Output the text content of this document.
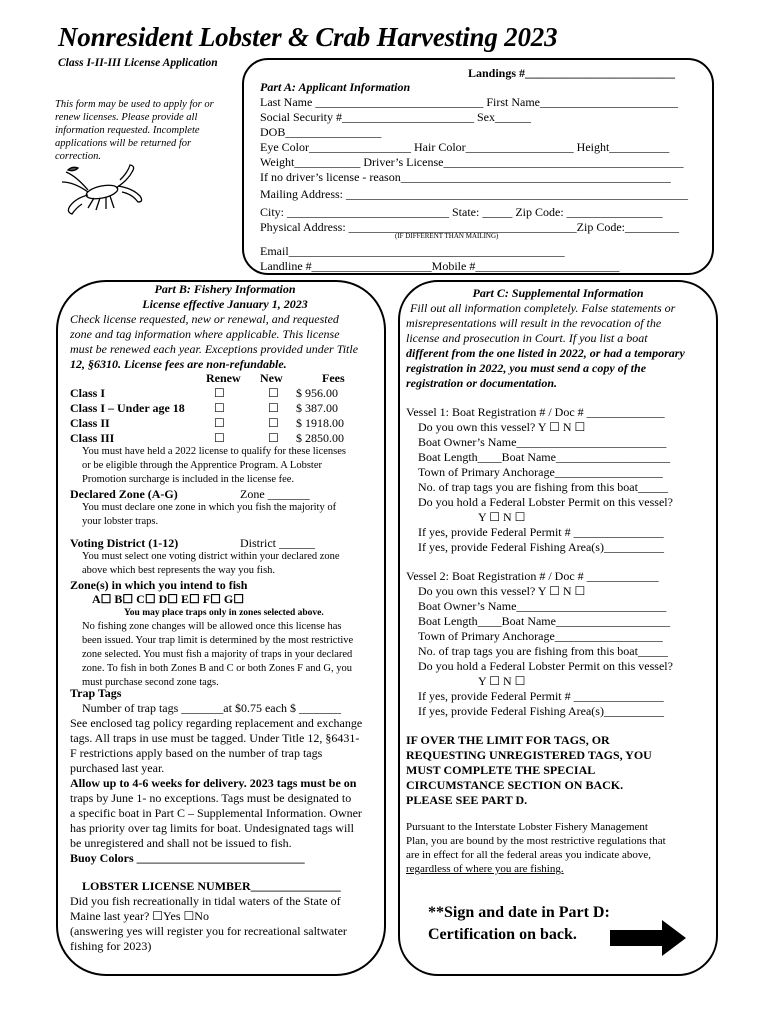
Nonresident Lobster & Crab Harvesting 2023
Class I-II-III License Application
This form may be used to apply for or renew licenses. Please provide all information requested. Incomplete applications will be returned for correction.
Landings #_________________________
Part A: Applicant Information
Last Name ____________________________ First Name_______________________
Social Security #______________________ Sex______
DOB________________
Eye Color_________________ Hair Color__________________ Height__________
Weight___________ Driver’s License________________________________________
If no driver’s license - reason_____________________________________________
Mailing Address: _________________________________________________________
City: ___________________________ State: _____ Zip Code: ________________
Physical Address: ______________________________________Zip Code:_________
(IF DIFFERENT THAN MAILING)
Email______________________________________________
Landline #____________________Mobile #________________________
Part B: Fishery Information
License effective January 1, 2023
Check license requested, new or renewal, and requested
zone and tag information where applicable. This license
must be renewed each year. Exceptions provided under Title
12, §6310. License fees are non-refundable.
Renew New	Fees
Class I	☐	☐ $ 956.00
Class I – Under age 18 ☐	☐ $ 387.00
Class II	☐	☐ $ 1918.00
Class III	☐	☐ $ 2850.00
You must have held a 2022 license to qualify for these licenses
or be eligible through the Apprentice Program. A Lobster
Promotion surcharge is included in the license fee.
Declared Zone (A-G)	Zone _______
You must declare one zone in which you fish the majority of
your lobster traps.
Voting District (1-12)	District ______
You must select one voting district within your declared zone
above which best represents the way you fish.
Zone(s) in which you intend to fish
A☐ B☐ C☐ D☐ E☐ F☐ G☐
You may place traps only in zones selected above.
No fishing zone changes will be allowed once this license has
been issued. Your trap limit is determined by the most restrictive
zone selected. You must fish a majority of traps in your declared
zone. To fish in both Zones B and C or both Zones F and G, you
must purchase second zone tags.
Trap Tags
Number of trap tags _______at $0.75 each $ _______
See enclosed tag policy regarding replacement and exchange
tags. All traps in use must be tagged. Under Title 12, §6431-
F restrictions apply based on the number of trap tags
purchased last year.
Allow up to 4-6 weeks for delivery. 2023 tags must be on
traps by June 1- no exceptions. Tags must be designated to
a specific boat in Part C – Supplemental Information. Owner
has priority over tag limits for boat. Undesignated tags will
be unregistered and shall not be issued to fish.
Buoy Colors ____________________________
LOBSTER LICENSE NUMBER_______________
Did you fish recreationally in tidal waters of the State of
Maine last year? ☐Yes ☐No
(answering yes will register you for recreational saltwater
fishing for 2023)
Part C: Supplemental Information
Fill out all information completely. False statements or
misrepresentations will result in the revocation of the
license and prosecution in Court. If you list a boat
different from the one listed in 2022, or had a temporary
registration in 2022, you must send a copy of the
registration or documentation.
Vessel 1: Boat Registration # / Doc # _____________
Do you own this vessel? Y ☐ N ☐
Boat Owner’s Name_________________________
Boat Length____Boat Name___________________
Town of Primary Anchorage__________________
No. of trap tags you are fishing from this boat_____
Do you hold a Federal Lobster Permit on this vessel?
Y ☐ N ☐
If yes, provide Federal Permit # _______________
If yes, provide Federal Fishing Area(s)__________
Vessel 2: Boat Registration # / Doc # ____________
Do you own this vessel? Y ☐ N ☐
Boat Owner’s Name_________________________
Boat Length____Boat Name___________________
Town of Primary Anchorage__________________
No. of trap tags you are fishing from this boat_____
Do you hold a Federal Lobster Permit on this vessel?
Y ☐ N ☐
If yes, provide Federal Permit # _______________
If yes, provide Federal Fishing Area(s)__________
IF OVER THE LIMIT FOR TAGS, OR
REQUESTING UNREGISTERED TAGS, YOU
MUST COMPLETE THE SPECIAL
CIRCUMSTANCE SECTION ON BACK.
PLEASE SEE PART D.
Pursuant to the Interstate Lobster Fishery Management
Plan, you are bound by the most restrictive regulations that
are in effect for all the federal areas you indicate above,
regardless of where you are fishing.
**Sign and date in Part D:
Certification on back.
